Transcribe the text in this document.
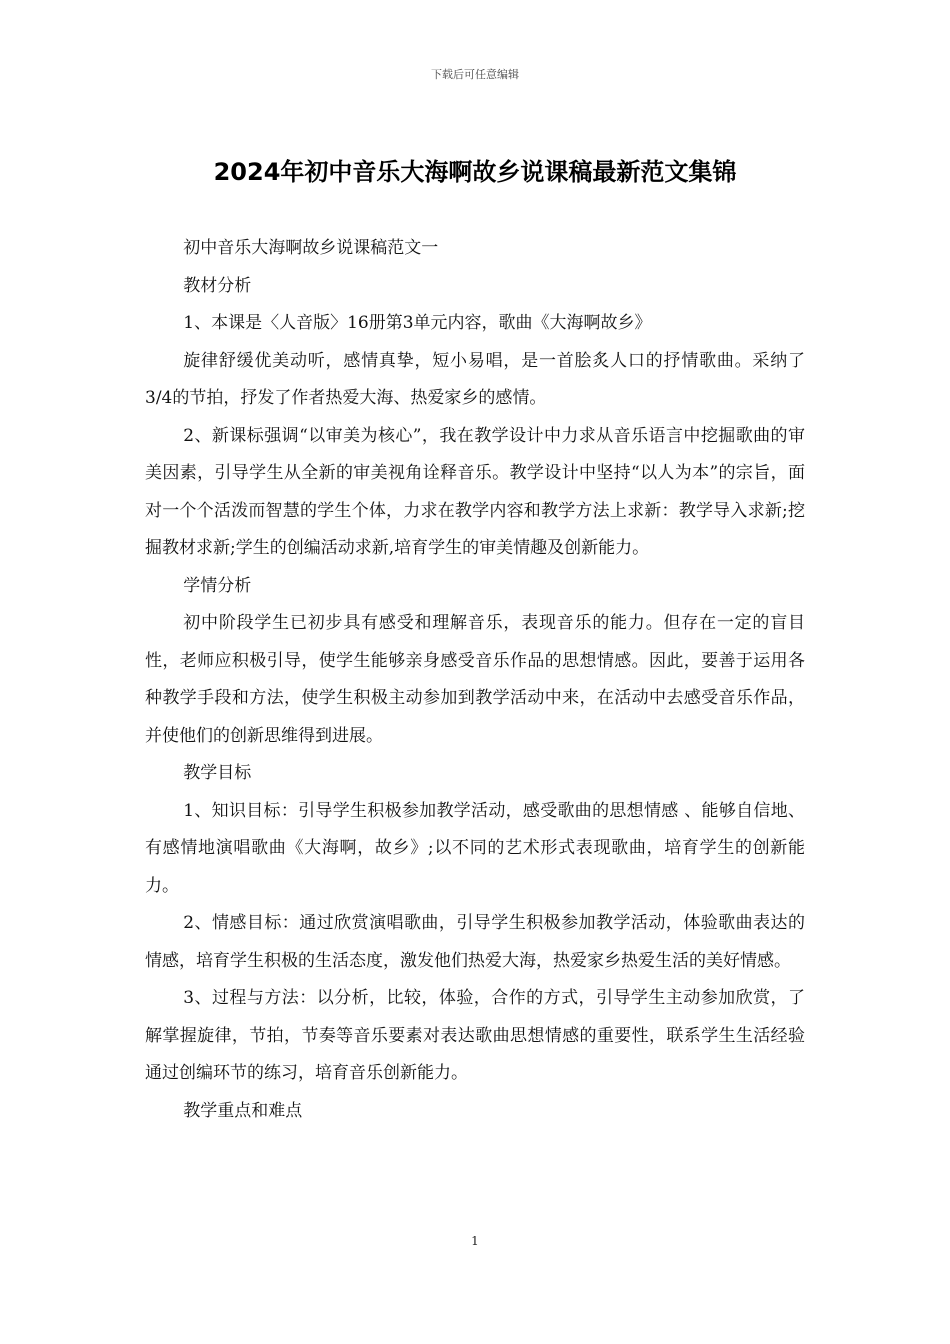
下载后可任意编辑
2024年初中音乐大海啊故乡说课稿最新范文集锦

初中音乐大海啊故乡说课稿范文一

教材分析

1、本课是〈人音版〉16册第3单元内容，歌曲《大海啊故乡》

旋律舒缓优美动听，感情真挚，短小易唱，是一首脍炙人口的抒情歌曲。采纳了3/4的节拍，抒发了作者热爱大海、热爱家乡的感情。

2、新课标强调“以审美为核心”，我在教学设计中力求从音乐语言中挖掘歌曲的审美因素，引导学生从全新的审美视角诠释音乐。教学设计中坚持“以人为本”的宗旨，面对一个个活泼而智慧的学生个体，力求在教学内容和教学方法上求新：教学导入求新;挖掘教材求新;学生的创编活动求新,培育学生的审美情趣及创新能力。

学情分析

初中阶段学生已初步具有感受和理解音乐，表现音乐的能力。但存在一定的盲目性，老师应积极引导，使学生能够亲身感受音乐作品的思想情感。因此，要善于运用各种教学手段和方法，使学生积极主动参加到教学活动中来，在活动中去感受音乐作品，并使他们的创新思维得到进展。

教学目标

1、知识目标：引导学生积极参加教学活动，感受歌曲的思想情感 、能够自信地、有感情地演唱歌曲《大海啊，故乡》;以不同的艺术形式表现歌曲，培育学生的创新能力。

2、情感目标：通过欣赏演唱歌曲，引导学生积极参加教学活动，体验歌曲表达的情感，培育学生积极的生活态度，激发他们热爱大海，热爱家乡热爱生活的美好情感。

3、过程与方法：以分析，比较，体验，合作的方式，引导学生主动参加欣赏，了解掌握旋律，节拍，节奏等音乐要素对表达歌曲思想情感的重要性，联系学生生活经验通过创编环节的练习，培育音乐创新能力。

教学重点和难点

1
